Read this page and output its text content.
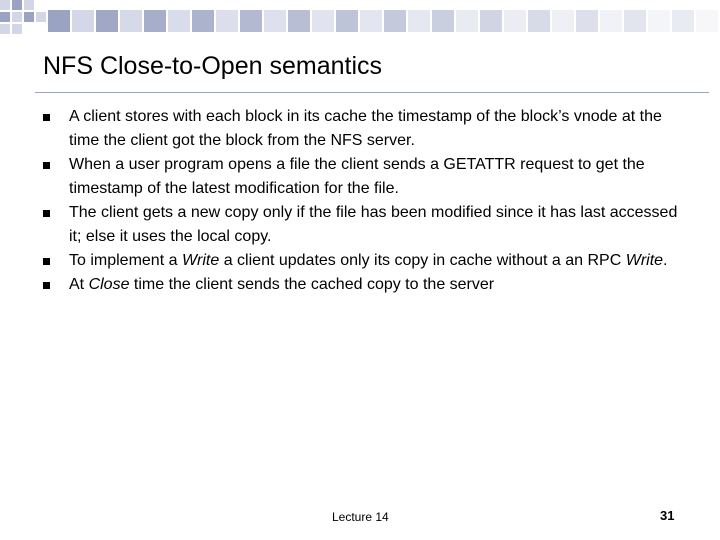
NFS Close-to-Open semantics
A client stores with each block in its cache the timestamp of the block’s vnode at the time the client got the block from the NFS server.
When a user program opens a file the client sends a GETATTR request to get the timestamp of the latest modification for the file.
The client gets a new copy only if the file has been modified since it has last accessed it; else it uses the local copy.
To implement a Write a client updates only its copy in cache without a an RPC Write.
At Close time the client sends the cached copy to the server
Lecture 14	31
